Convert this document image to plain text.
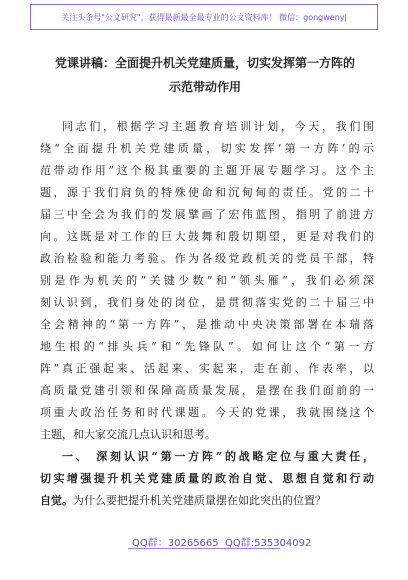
关注头条号"公文研究"，获得最新最全最专业的公文资料库！ 微信：gongwenyj
党课讲稿：全面提升机关党建质量，切实发挥第一方阵的
示范带动作用
同志们，根据学习主题教育培训计划，今天，我们围
绕“全面提升机关党建质量，切实发挥‘第一方阵’的示
范带动作用”这个极其重要的主题开展专题学习。这个主
题，源于我们肩负的特殊使命和沉甸甸的责任。党的二十
届三中全会为我们的发展擘画了宏伟蓝图，指明了前进方
向。这既是对工作的巨大鼓舞和殷切期望，更是对我们的
政治检验和能力考验。作为各级党政机关的党员干部，特
别是作为机关的“关键少数”和“领头雁”，我们必须深
刻认识到，我们身处的岗位，是贯彻落实党的二十届三中
全会精神的“第一方阵”，是推动中央决策部署在本瑞落
地生根的“排头兵”和“先锋队”。如何让这个“第一方
阵”真正强起来、活起来、实起来，走在前、作表率，以
高质量党建引领和保障高质量发展，是摆在我们面前的一
项重大政治任务和时代课题。今天的党课，我就围绕这个
主题，和大家交流几点认识和思考。
一、 深刻认识“第一方阵”的战略定位与重大责任，
切实增强提升机关党建质量的政治自觉、思想自觉和行动
自觉。为什么要把提升机关党建质量摆在如此突出的位置？
QQ群：30265665 QQ群:535304092
